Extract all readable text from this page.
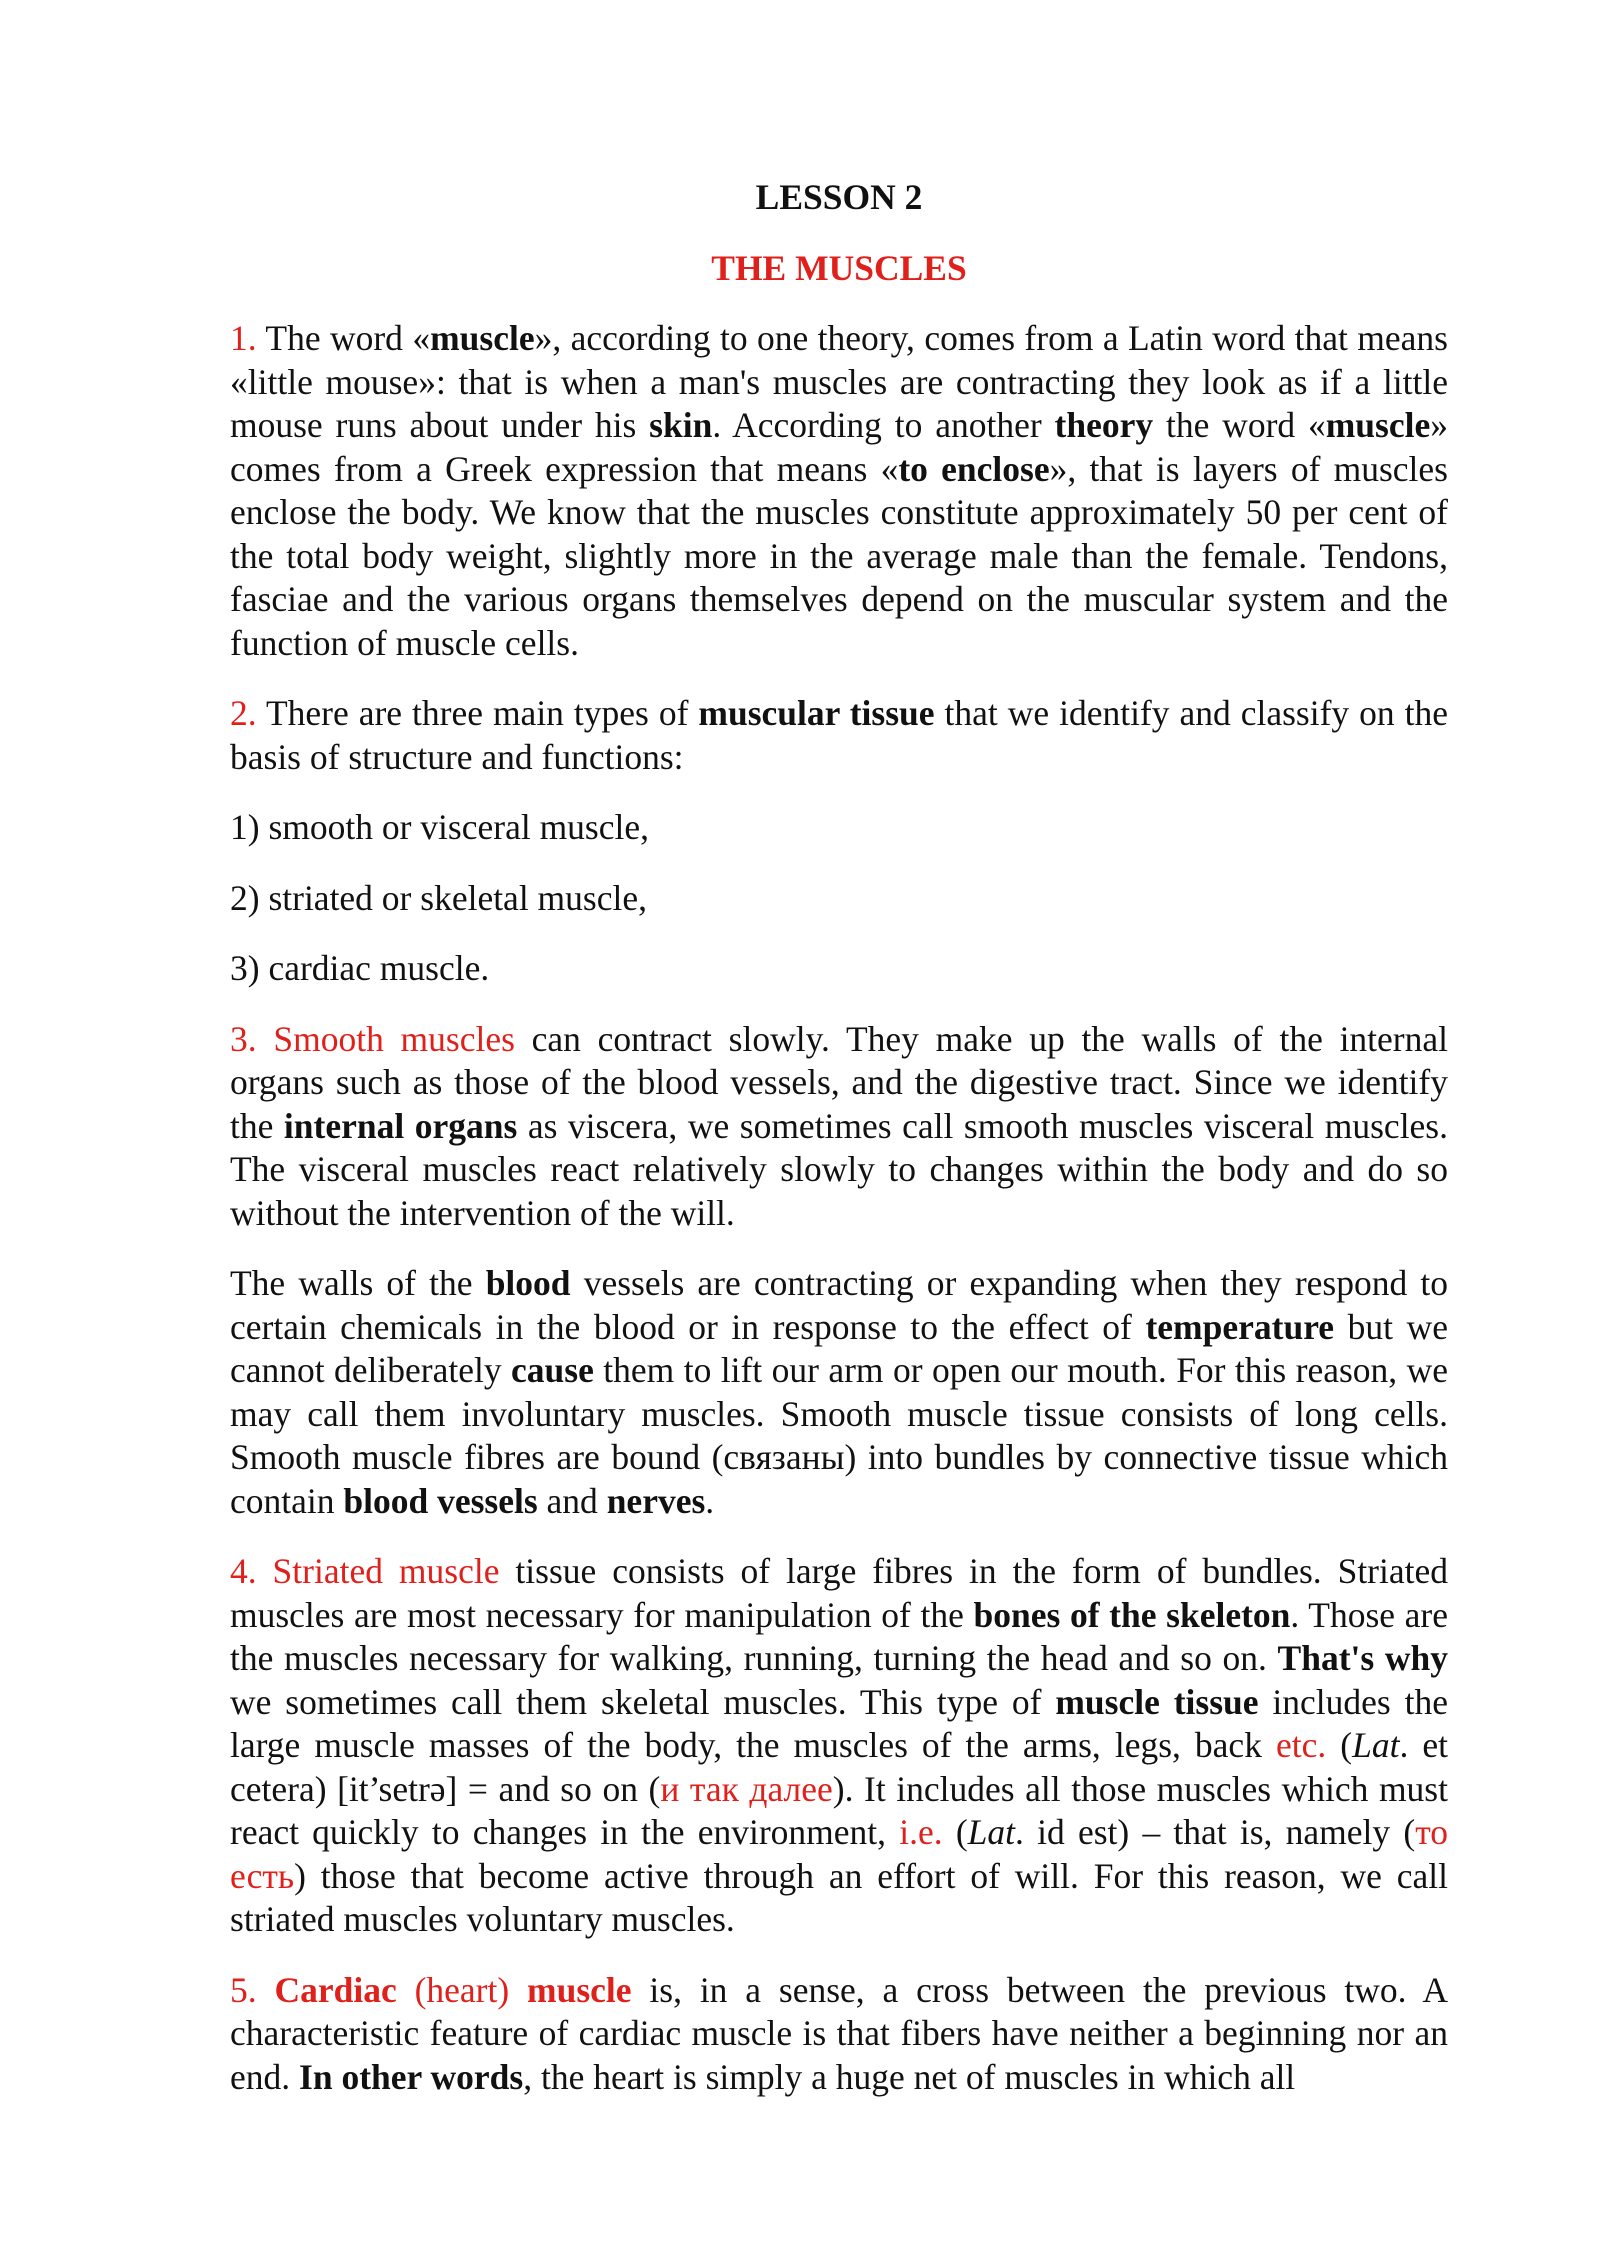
LESSON 2
THE MUSCLES

1. The word «muscle», according to one theory, comes from a Latin word that means «little mouse»: that is when a man's muscles are contracting they look as if a little mouse runs about under his skin. According to another theory the word «muscle» comes from a Greek expression that means «to enclose», that is layers of muscles enclose the body. We know that the muscles constitute approximately 50 per cent of the total body weight, slightly more in the average male than the female. Tendons, fasciae and the various organs themselves depend on the muscular system and the function of muscle cells.

2. There are three main types of muscular tissue that we identify and classify on the basis of structure and functions:

1) smooth or visceral muscle,

2) striated or skeletal muscle,

3) cardiac muscle.

3. Smooth muscles can contract slowly. They make up the walls of the internal organs such as those of the blood vessels, and the digestive tract. Since we identify the internal organs as viscera, we sometimes call smooth muscles visceral muscles. The visceral muscles react relatively slowly to changes within the body and do so without the intervention of the will.

The walls of the blood vessels are contracting or expanding when they respond to certain chemicals in the blood or in response to the effect of temperature but we cannot deliberately cause them to lift our arm or open our mouth. For this reason, we may call them involuntary muscles. Smooth muscle tissue consists of long cells. Smooth muscle fibres are bound (связаны) into bundles by connective tissue which contain blood vessels and nerves.

4. Striated muscle tissue consists of large fibres in the form of bundles. Striated muscles are most necessary for manipulation of the bones of the skeleton. Those are the muscles necessary for walking, running, turning the head and so on. That's why we sometimes call them skeletal muscles. This type of muscle tissue includes the large muscle masses of the body, the muscles of the arms, legs, back etc. (Lat. et cetera) [it’setrə] = and so on (и так далее). It includes all those muscles which must react quickly to changes in the environment, i.e. (Lat. id est) – that is, namely (то есть) those that become active through an effort of will. For this reason, we call striated muscles voluntary muscles.

5. Cardiac (heart) muscle is, in a sense, a cross between the previous two. A characteristic feature of cardiac muscle is that fibers have neither a beginning nor an end. In other words, the heart is simply a huge net of muscles in which all
